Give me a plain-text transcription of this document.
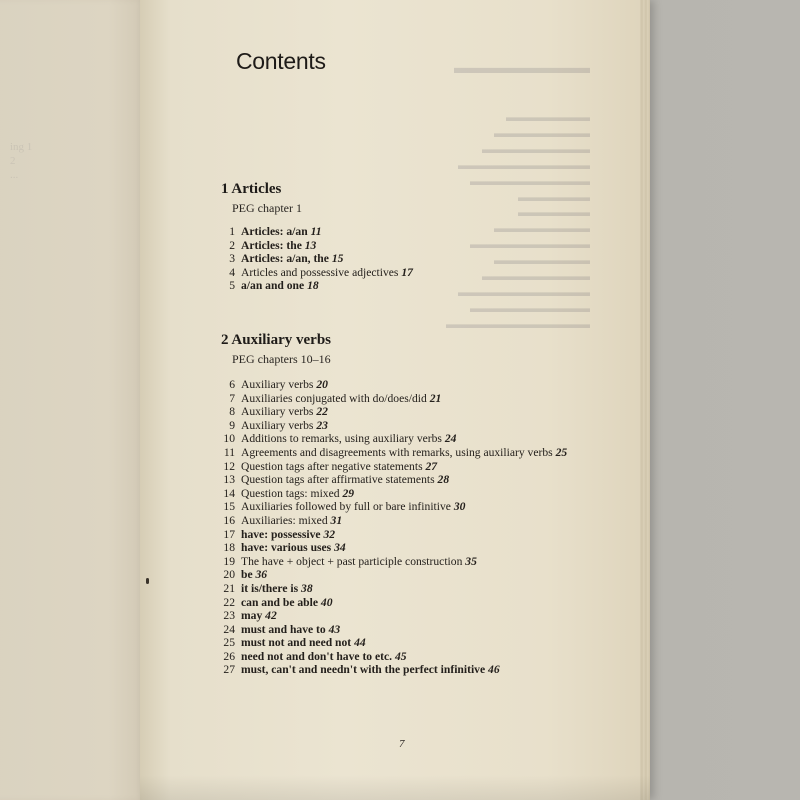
ing 1
2
...
▬▬▬▬▬▬▬▬
▬▬▬▬▬▬▬
▬▬▬▬▬▬▬▬
▬▬▬▬▬▬▬▬▬
▬▬▬▬▬▬▬▬▬▬▬
▬▬▬▬▬▬▬▬▬▬
▬▬▬▬▬▬
▬▬▬▬▬▬
▬▬▬▬▬▬▬▬
▬▬▬▬▬▬▬▬▬▬
▬▬▬▬▬▬▬▬
▬▬▬▬▬▬▬▬▬
▬▬▬▬▬▬▬▬▬▬▬
▬▬▬▬▬▬▬▬▬▬
▬▬▬▬▬▬▬▬▬▬▬▬
Contents
1 Articles
PEG chapter 1
1 Articles: a/an 11
2 Articles: the 13
3 Articles: a/an, the 15
4 Articles and possessive adjectives 17
5 a/an and one 18
2 Auxiliary verbs
PEG chapters 10–16
6 Auxiliary verbs 20
7 Auxiliaries conjugated with do/does/did 21
8 Auxiliary verbs 22
9 Auxiliary verbs 23
10 Additions to remarks, using auxiliary verbs 24
11 Agreements and disagreements with remarks, using auxiliary verbs 25
12 Question tags after negative statements 27
13 Question tags after affirmative statements 28
14 Question tags: mixed 29
15 Auxiliaries followed by full or bare infinitive 30
16 Auxiliaries: mixed 31
17 have: possessive 32
18 have: various uses 34
19 The have + object + past participle construction 35
20 be 36
21 it is/there is 38
22 can and be able 40
23 may 42
24 must and have to 43
25 must not and need not 44
26 need not and don't have to etc. 45
27 must, can't and needn't with the perfect infinitive 46
7
